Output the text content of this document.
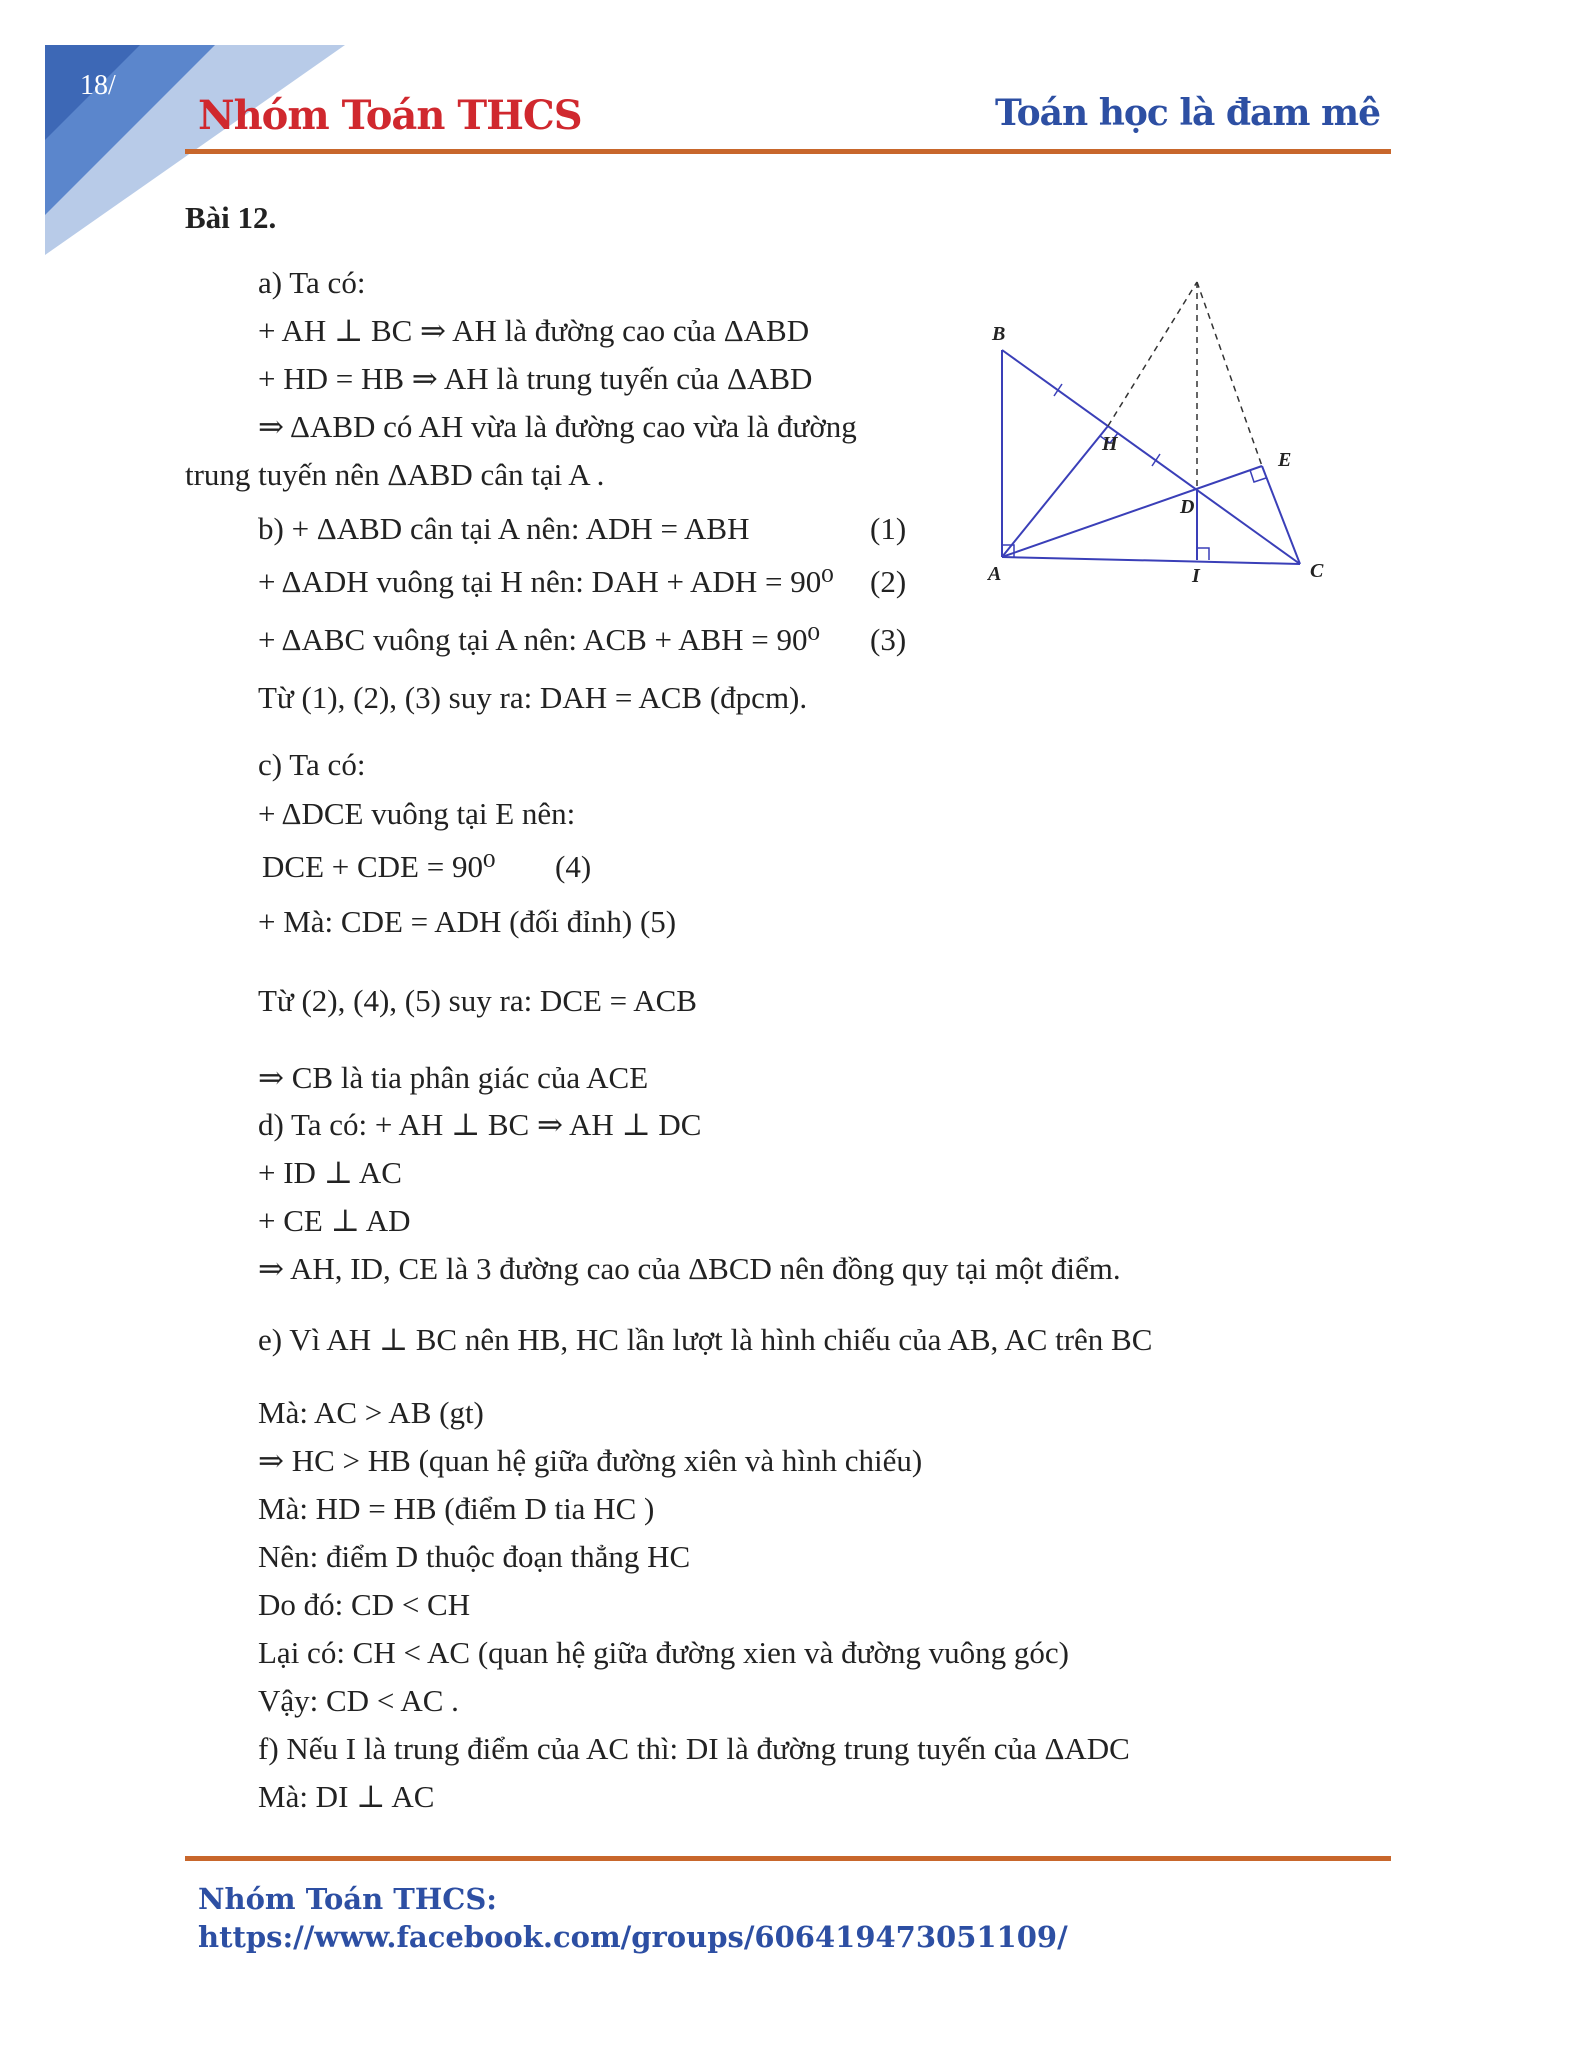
18/
Nhóm Toán THCS	Toán học là đam mê
Bài 12.
a) Ta có:
+ AH ⊥ BC ⇒ AH là đường cao của ΔABD
+ HD = HB ⇒ AH là trung tuyến của ΔABD
⇒ ΔABD có AH vừa là đường cao vừa là đường
trung tuyến nên ΔABD cân tại A .
b) + ΔABD cân tại A nên: ADH = ABH	(1)
+ ΔADH vuông tại H nên: DAH + ADH = 90⁰ (2)
+ ΔABC vuông tại A nên: ACB + ABH = 90⁰ (3)
Từ (1), (2), (3) suy ra: DAH = ACB (đpcm).
c) Ta có:
+ ΔDCE vuông tại E nên:
DCE + CDE = 90⁰ (4)
+ Mà: CDE = ADH (đối đỉnh) (5)
Từ (2), (4), (5) suy ra: DCE = ACB
⇒ CB là tia phân giác của ACE
d) Ta có: + AH ⊥ BC ⇒ AH ⊥ DC
+ ID ⊥ AC
+ CE ⊥ AD
⇒ AH, ID, CE là 3 đường cao của ΔBCD nên đồng quy tại một điểm.
e) Vì AH ⊥ BC nên HB, HC lần lượt là hình chiếu của AB, AC trên BC
Mà: AC > AB (gt)
⇒ HC > HB (quan hệ giữa đường xiên và hình chiếu)
Mà: HD = HB (điểm D tia HC )
Nên: điểm D thuộc đoạn thẳng HC
Do đó: CD < CH
Lại có: CH < AC (quan hệ giữa đường xien và đường vuông góc)
Vậy: CD < AC .
f) Nếu I là trung điểm của AC thì: DI là đường trung tuyến của ΔADC
Mà: DI ⊥ AC
B
A	C
H
D
E
I
Nhóm Toán THCS:
https://www.facebook.com/groups/606419473051109/
